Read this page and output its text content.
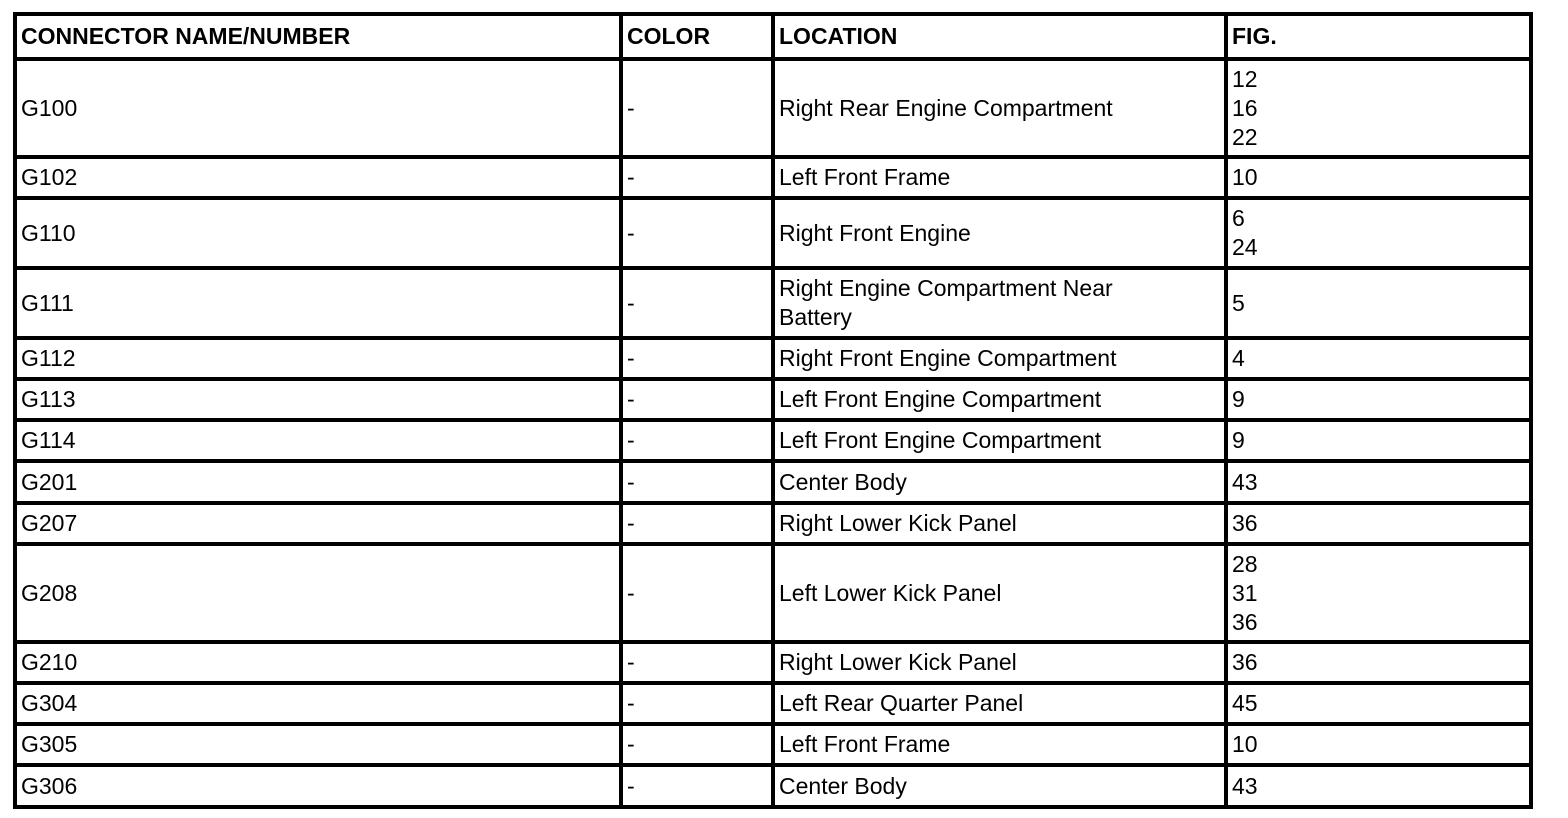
CONNECTOR NAME/NUMBER	COLOR	LOCATION	FIG.
G100	-	Right Rear Engine Compartment	12
16
22

G102	-	Left Front Frame	10

G110	-	Right Front Engine	6
24

G111	-	Right Engine Compartment Near Battery	5

G112	-	Right Front Engine Compartment	4

G113	-	Left Front Engine Compartment	9

G114	-	Left Front Engine Compartment	9

G201	-	Center Body	43

G207	-	Right Lower Kick Panel	36

G208	-	Left Lower Kick Panel	28
31
36

G210	-	Right Lower Kick Panel	36

G304	-	Left Rear Quarter Panel	45

G305	-	Left Front Frame	10

G306	-	Center Body	43
